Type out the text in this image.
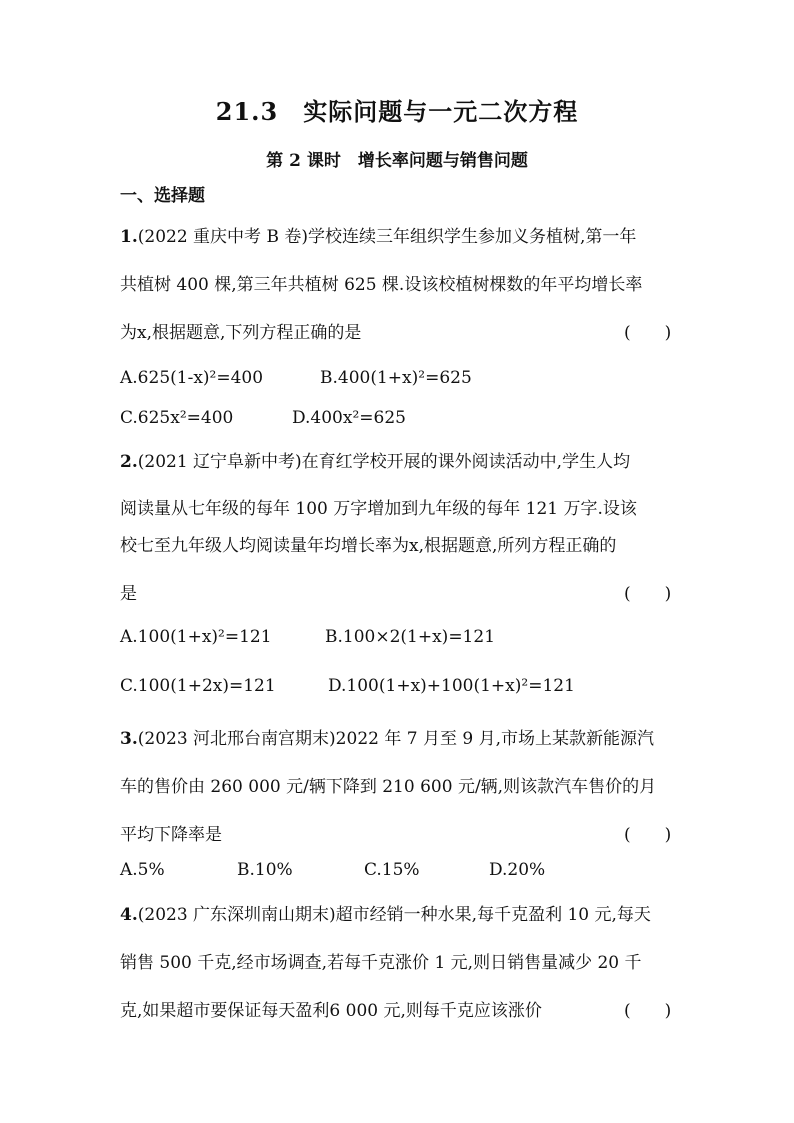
21.3　实际问题与一元二次方程
第 2 课时　增长率问题与销售问题
一、选择题
1.(2022 重庆中考 B 卷)学校连续三年组织学生参加义务植树,第一年
共植树 400 棵,第三年共植树 625 棵.设该校植树棵数的年平均增长率
为x,根据题意,下列方程正确的是	(　　)
A.625(1-x)²=400	B.400(1+x)²=625
C.625x²=400	D.400x²=625
2.(2021 辽宁阜新中考)在育红学校开展的课外阅读活动中,学生人均
阅读量从七年级的每年 100 万字增加到九年级的每年 121 万字.设该
校七至九年级人均阅读量年均增长率为x,根据题意,所列方程正确的
是	(　　)
A.100(1+x)²=121	B.100×2(1+x)=121
C.100(1+2x)=121	D.100(1+x)+100(1+x)²=121
3.(2023 河北邢台南宫期末)2022 年 7 月至 9 月,市场上某款新能源汽
车的售价由 260 000 元/辆下降到 210 600 元/辆,则该款汽车售价的月
平均下降率是	(　　)
A.5%	B.10%	C.15%	D.20%
4.(2023 广东深圳南山期末)超市经销一种水果,每千克盈利 10 元,每天
销售 500 千克,经市场调查,若每千克涨价 1 元,则日销售量减少 20 千
克,如果超市要保证每天盈利6 000 元,则每千克应该涨价	(　　)
